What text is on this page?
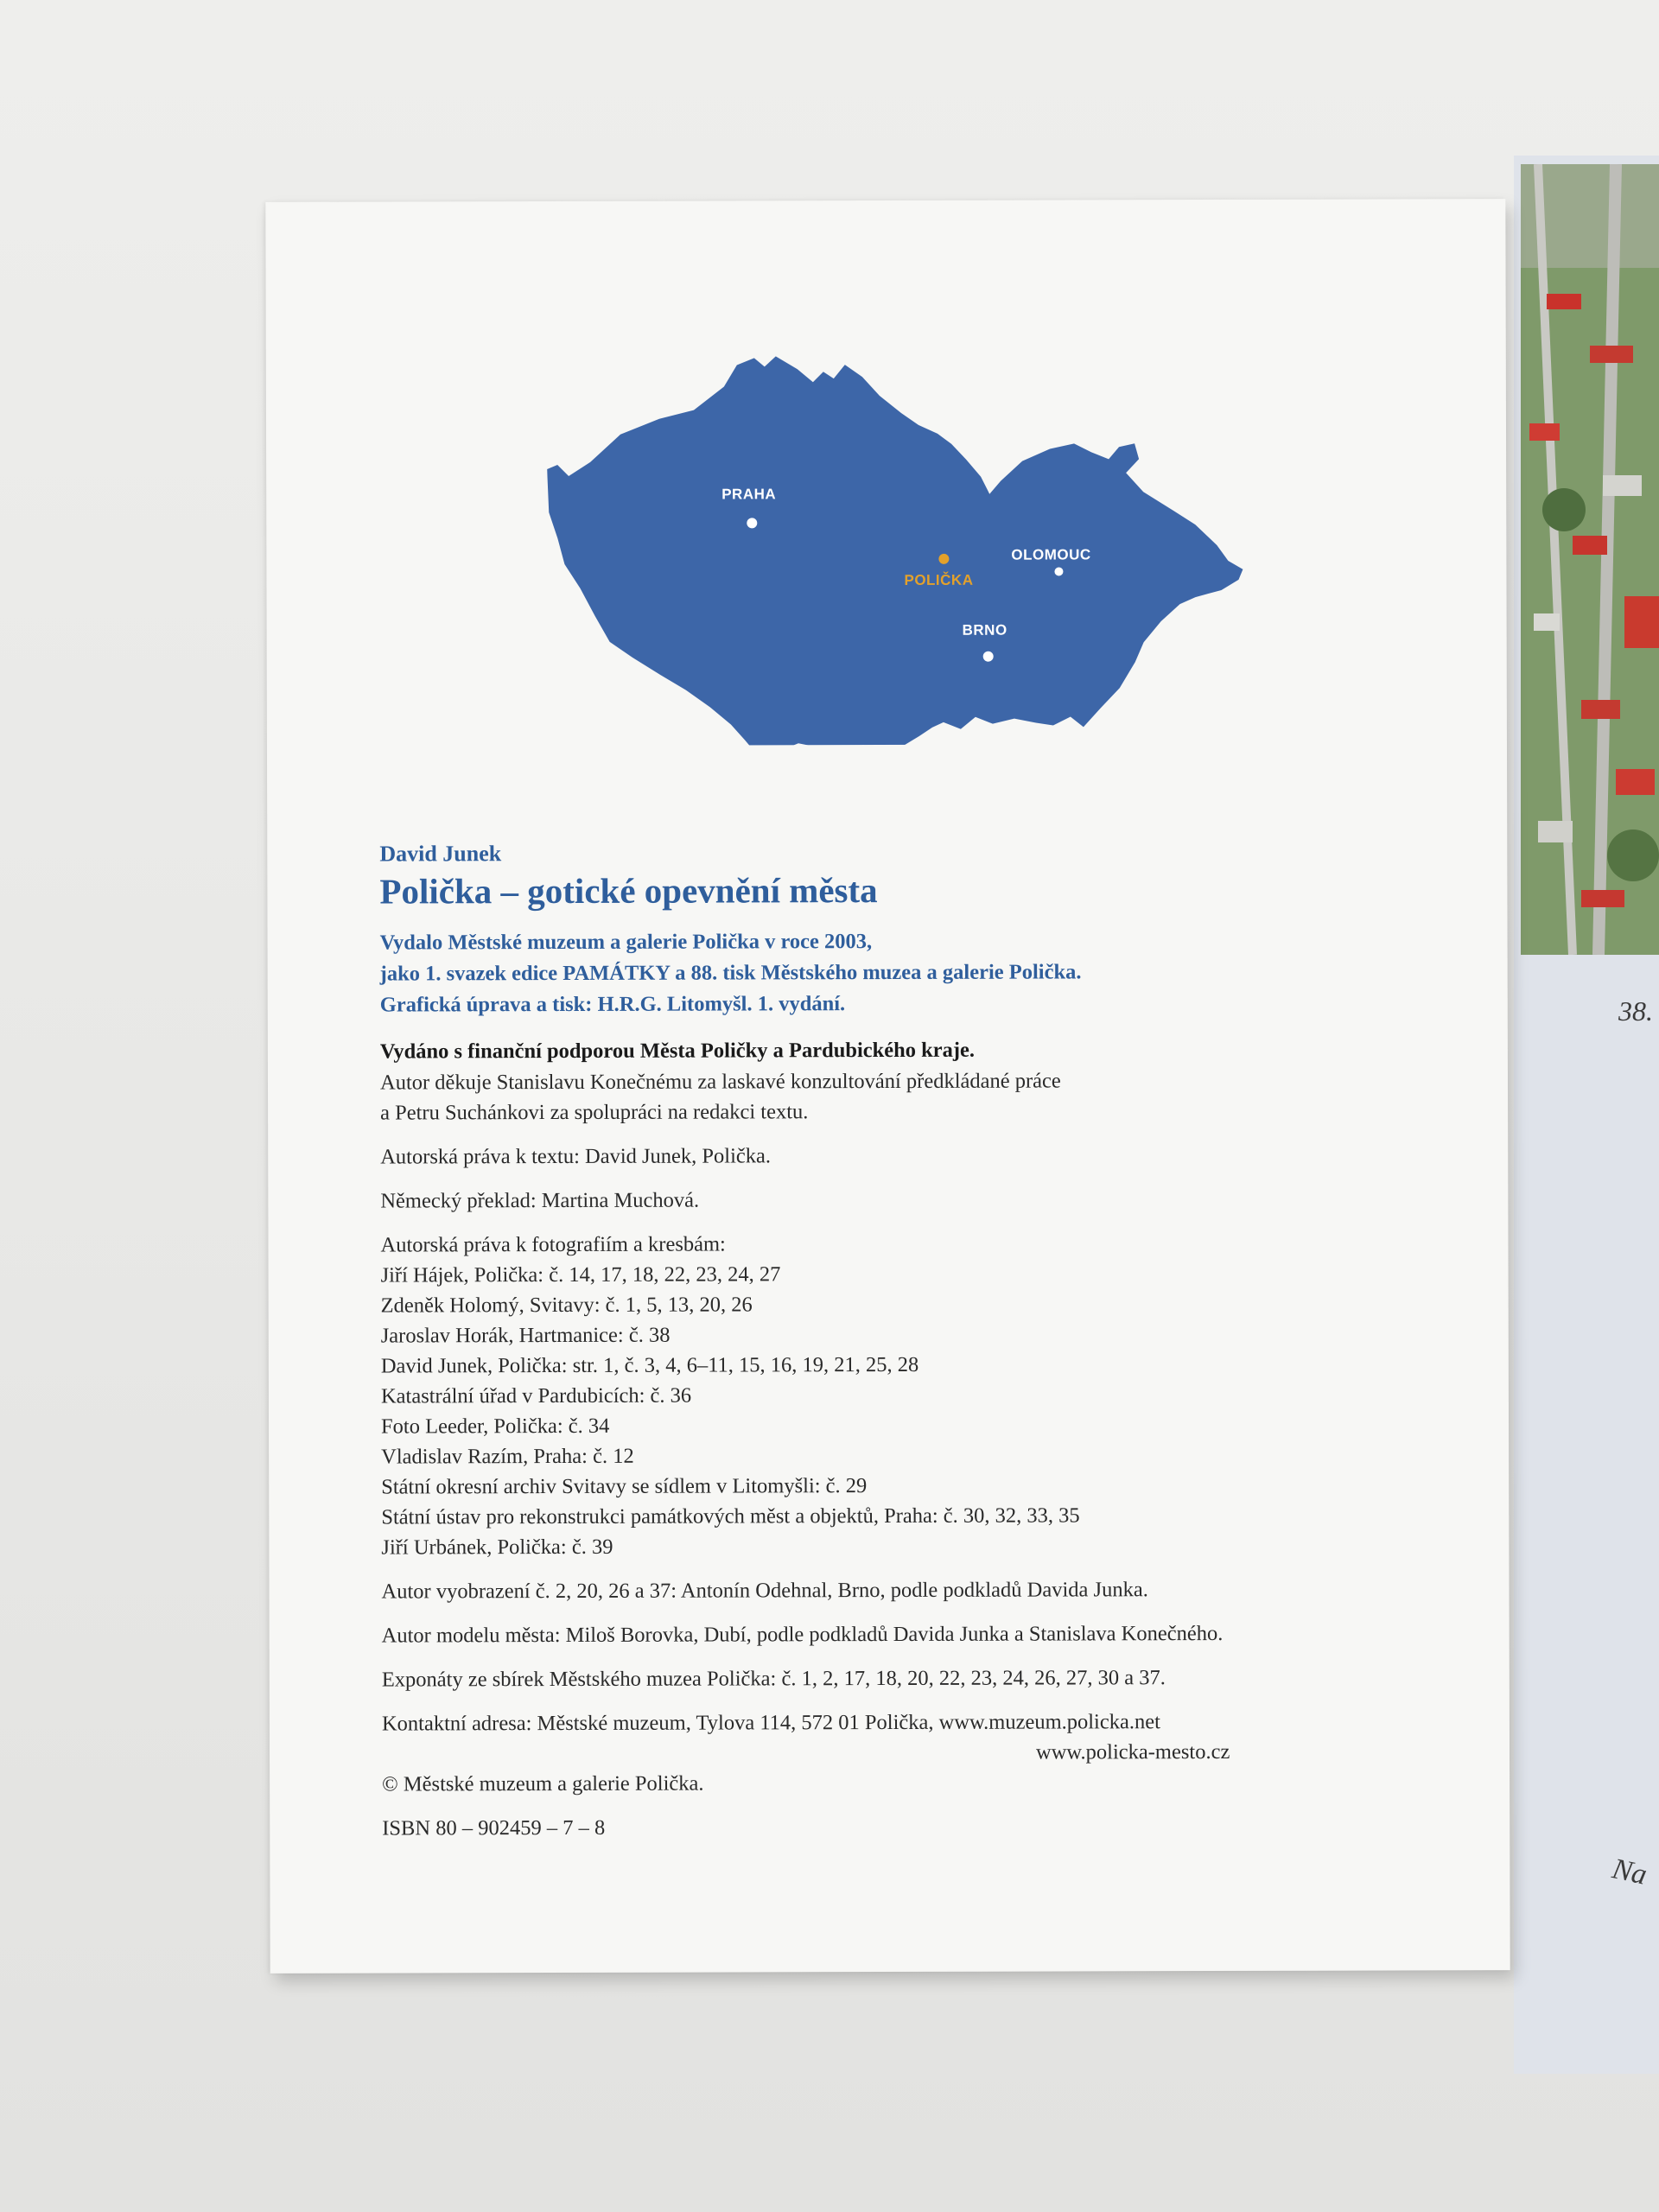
38.
Na
PRAHA
POLIČKA
OLOMOUC
BRNO
David Junek
Polička – gotické opevnění města
Vydalo Městské muzeum a galerie Polička v roce 2003,
jako 1. svazek edice PAMÁTKY a 88. tisk Městského muzea a galerie Polička.
Grafická úprava a tisk: H.R.G. Litomyšl. 1. vydání.
Vydáno s finanční podporou Města Poličky a Pardubického kraje.
Autor děkuje Stanislavu Konečnému za laskavé konzultování předkládané práce
a Petru Suchánkovi za spolupráci na redakci textu.
Autorská práva k textu: David Junek, Polička.
Německý překlad: Martina Muchová.
Autorská práva k fotografiím a kresbám:
Jiří Hájek, Polička: č. 14, 17, 18, 22, 23, 24, 27
Zdeněk Holomý, Svitavy: č. 1, 5, 13, 20, 26
Jaroslav Horák, Hartmanice: č. 38
David Junek, Polička: str. 1, č. 3, 4, 6–11, 15, 16, 19, 21, 25, 28
Katastrální úřad v Pardubicích: č. 36
Foto Leeder, Polička: č. 34
Vladislav Razím, Praha: č. 12
Státní okresní archiv Svitavy se sídlem v Litomyšli: č. 29
Státní ústav pro rekonstrukci památkových měst a objektů, Praha: č. 30, 32, 33, 35
Jiří Urbánek, Polička: č. 39
Autor vyobrazení č. 2, 20, 26 a 37: Antonín Odehnal, Brno, podle podkladů Davida Junka.
Autor modelu města: Miloš Borovka, Dubí, podle podkladů Davida Junka a Stanislava Konečného.
Exponáty ze sbírek Městského muzea Polička: č. 1, 2, 17, 18, 20, 22, 23, 24, 26, 27, 30 a 37.
Kontaktní adresa: Městské muzeum, Tylova 114, 572 01 Polička, www.muzeum.policka.net
www.policka-mesto.cz
© Městské muzeum a galerie Polička.
ISBN 80 – 902459 – 7 – 8
